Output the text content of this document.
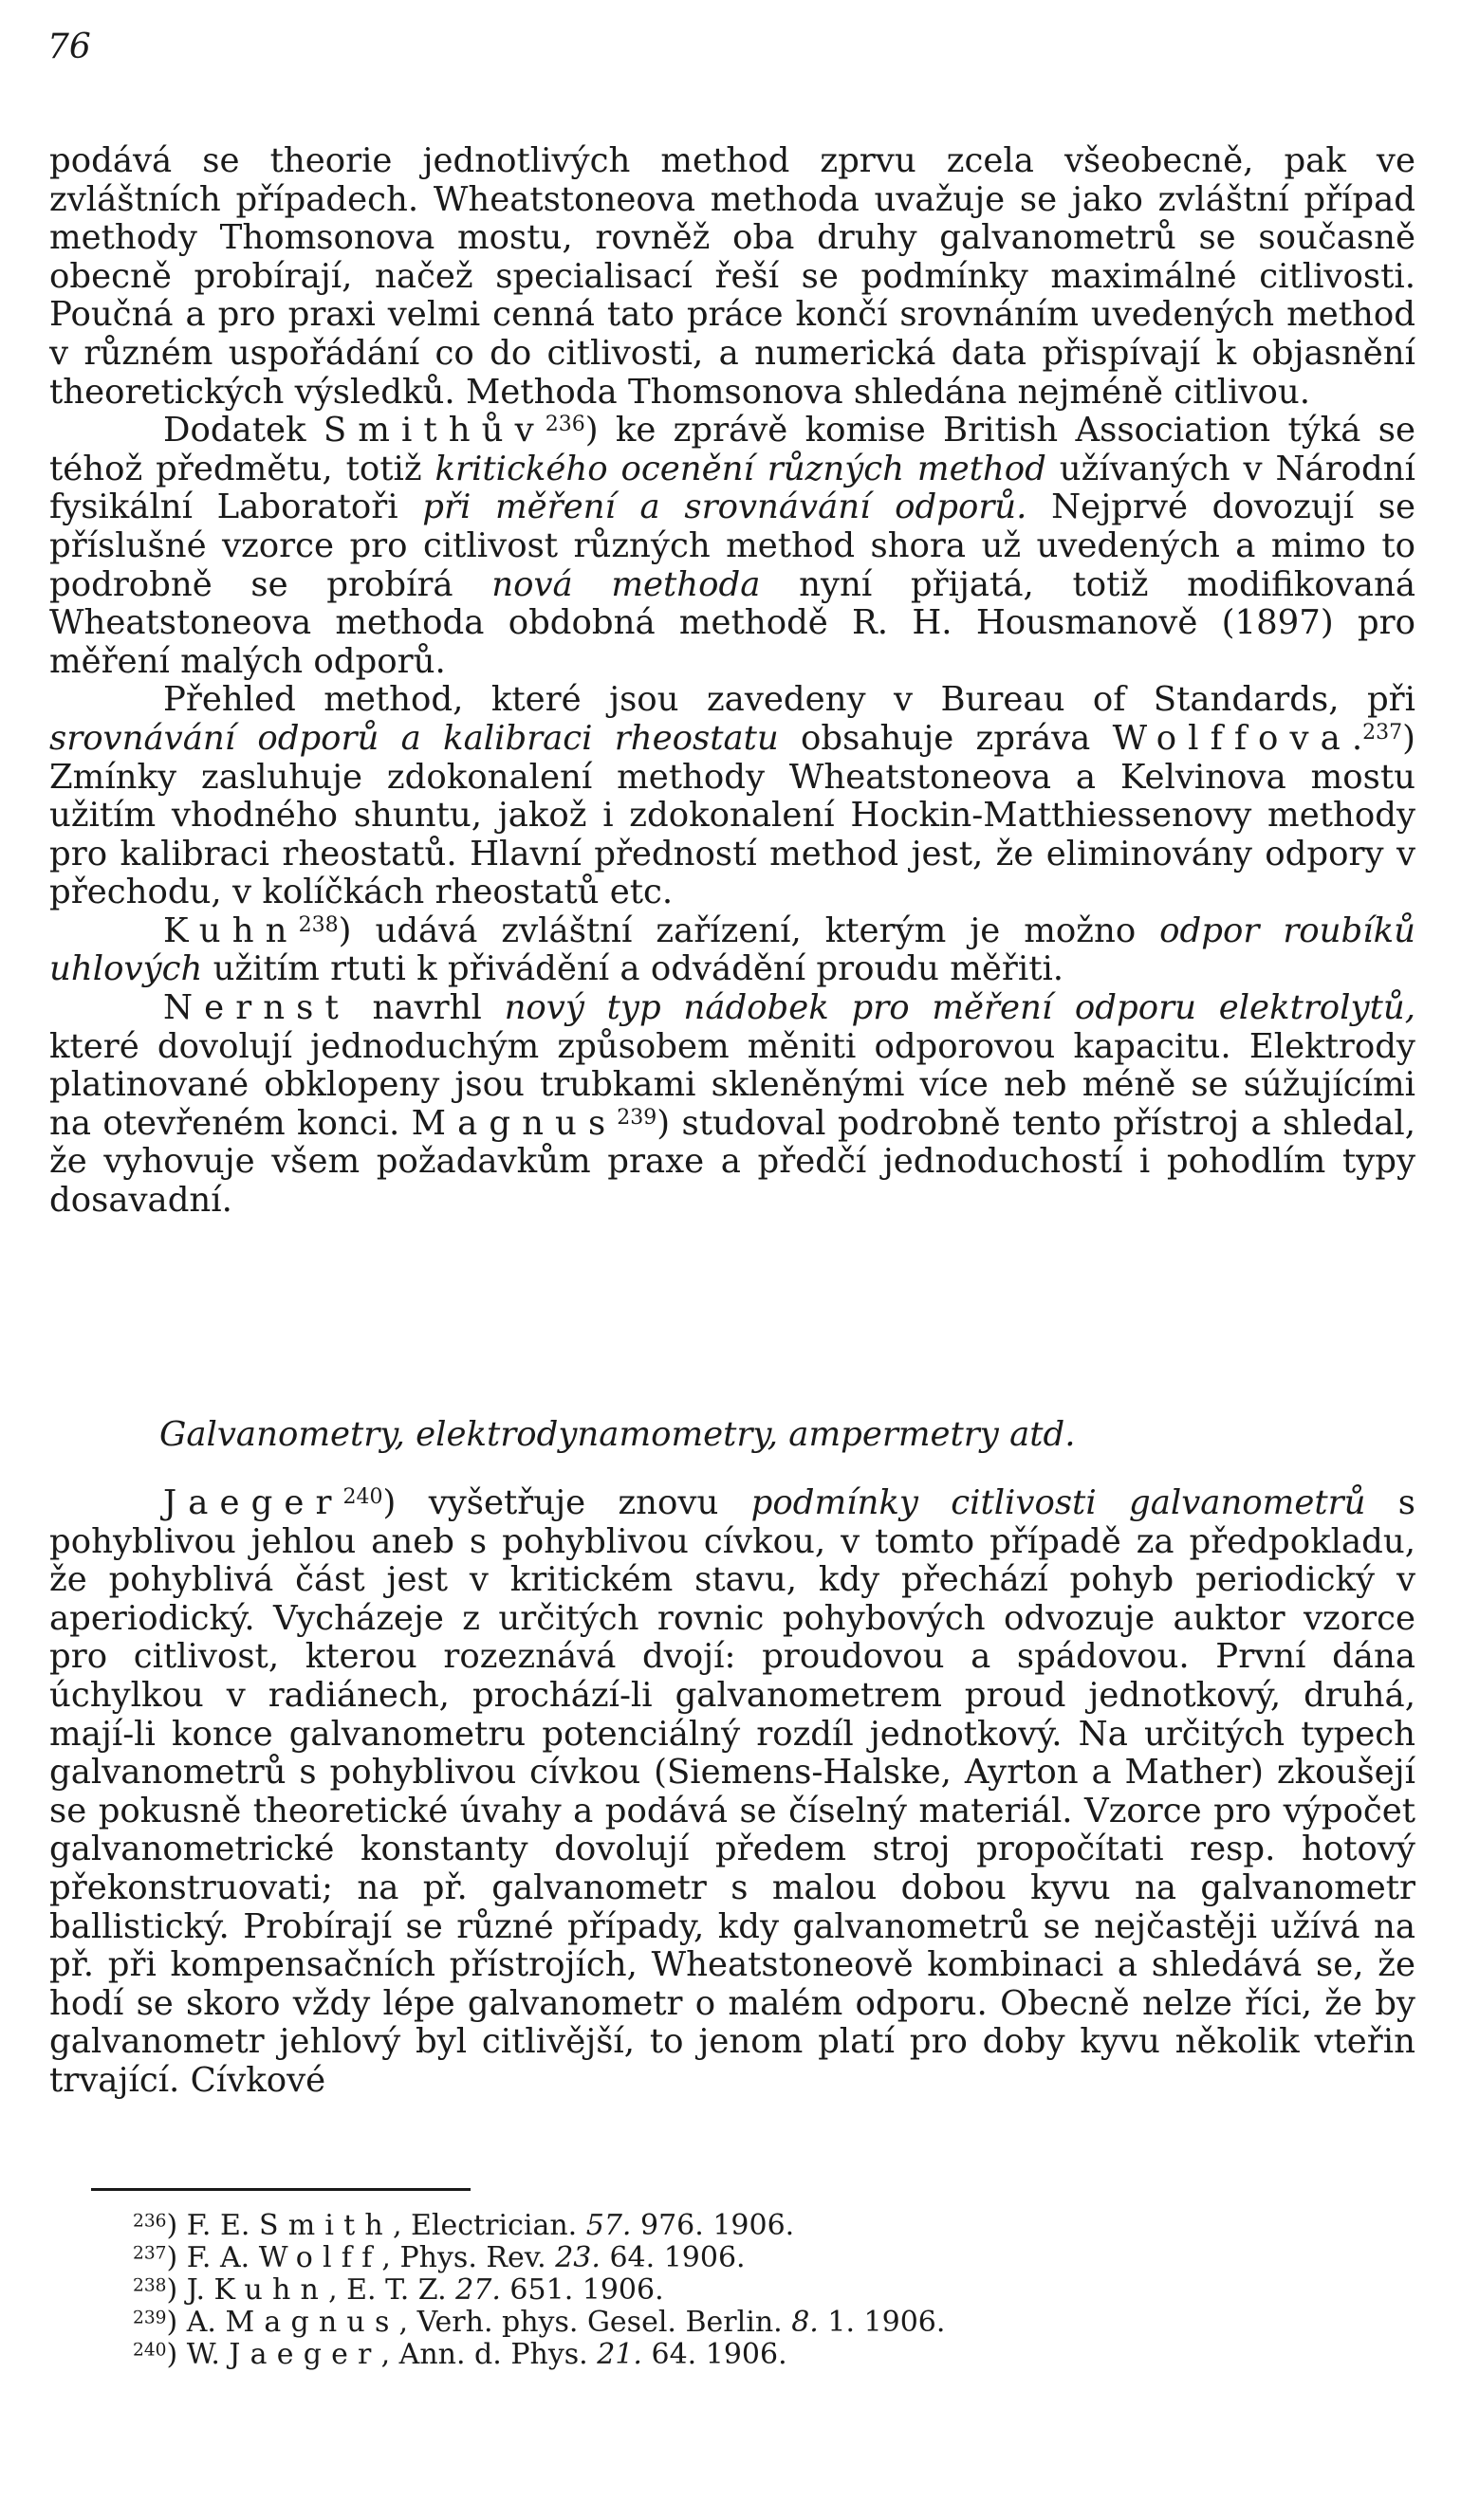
76

podává se theorie jednotlivých method zprvu zcela všeobecně, pak ve zvláštních případech. Wheatstoneova methoda uvažuje se jako zvláštní případ methody Thomsonova mostu, rovněž oba druhy galvanometrů se současně obecně probírají, načež specialisací řeší se podmínky maximálné citlivosti. Poučná a pro praxi velmi cenná tato práce končí srovnáním uvedených method v různém uspořádání co do citlivosti, a numerická data přispívají k objasnění theoretických výsledků. Methoda Thomsonova shledána nejméně citlivou.

Dodatek Smithův$^{236}$) ke zprávě komise British Association týká se téhož předmětu, totiž kritického ocenění různých method užívaných v Národní fysikální Laboratoři při měření a srovnávání odporů. Nejprvé dovozují se příslušné vzorce pro citlivost různých method shora už uvedených a mimo to podrobně se probírá nová methoda nyní přijatá, totiž modifikovaná Wheatstoneova methoda obdobná methodě R. H. Housmanově (1897) pro měření malých odporů.

Přehled method, které jsou zavedeny v Bureau of Standards, při srovnávání odporů a kalibraci rheostatu obsahuje zpráva Wolffova.$^{237}$) Zmínky zasluhuje zdokonalení methody Wheatstoneova a Kelvinova mostu užitím vhodného shuntu, jakož i zdokonalení Hockin-Matthiessenovy methody pro kalibraci rheostatů. Hlavní předností method jest, že eliminovány odpory v přechodu, v kolíčkách rheostatů etc.

Kuhn$^{238}$) udává zvláštní zařízení, kterým je možno odpor roubíků uhlových užitím rtuti k přivádění a odvádění proudu měřiti.

Nernst navrhl nový typ nádobek pro měření odporu elektrolytů, které dovolují jednoduchým způsobem měniti odporovou kapacitu. Elektrody platinované obklopeny jsou trubkami skleněnými více neb méně se súžujícími na otevřeném konci. Magnus$^{239}$) studoval podrobně tento přístroj a shledal, že vyhovuje všem požadavkům praxe a předčí jednoduchostí i pohodlím typy dosavadní.

Galvanometry, elektrodynamometry, ampermetry atd.

Jaeger$^{240}$) vyšetřuje znovu podmínky citlivosti galvanometrů s pohyblivou jehlou aneb s pohyblivou cívkou, v tomto případě za předpokladu, že pohyblivá část jest v kritickém stavu, kdy přechází pohyb periodický v aperiodický. Vycházeje z určitých rovnic pohybových odvozuje auktor vzorce pro citlivost, kterou rozeznává dvojí: proudovou a spádovou. První dána úchylkou v radiánech, prochází-li galvanometrem proud jednotkový, druhá, mají-li konce galvanometru potenciálný rozdíl jednotkový. Na určitých typech galvanometrů s pohyblivou cívkou (Siemens-Halske, Ayrton a Mather) zkoušejí se pokusně theoretické úvahy a podává se číselný materiál. Vzorce pro výpočet galvanometrické konstanty dovolují předem stroj propočítati resp. hotový překonstruovati; na př. galvanometr s malou dobou kyvu na galvanometr ballistický. Probírají se různé případy, kdy galvanometrů se nejčastěji užívá na př. při kompensačních přístrojích, Wheatstoneově kombinaci a shledává se, že hodí se skoro vždy lépe galvanometr o malém odporu. Obecně nelze říci, že by galvanometr jehlový byl citlivější, to jenom platí pro doby kyvu několik vteřin trvající. Cívkové

$^{236}$) F. E. Smith, Electrician. 57. 976. 1906.
$^{237}$) F. A. Wolff, Phys. Rev. 23. 64. 1906.
$^{238}$) J. Kuhn, E. T. Z. 27. 651. 1906.
$^{239}$) A. Magnus, Verh. phys. Gesel. Berlin. 8. 1. 1906.
$^{240}$) W. Jaeger, Ann. d. Phys. 21. 64. 1906.
